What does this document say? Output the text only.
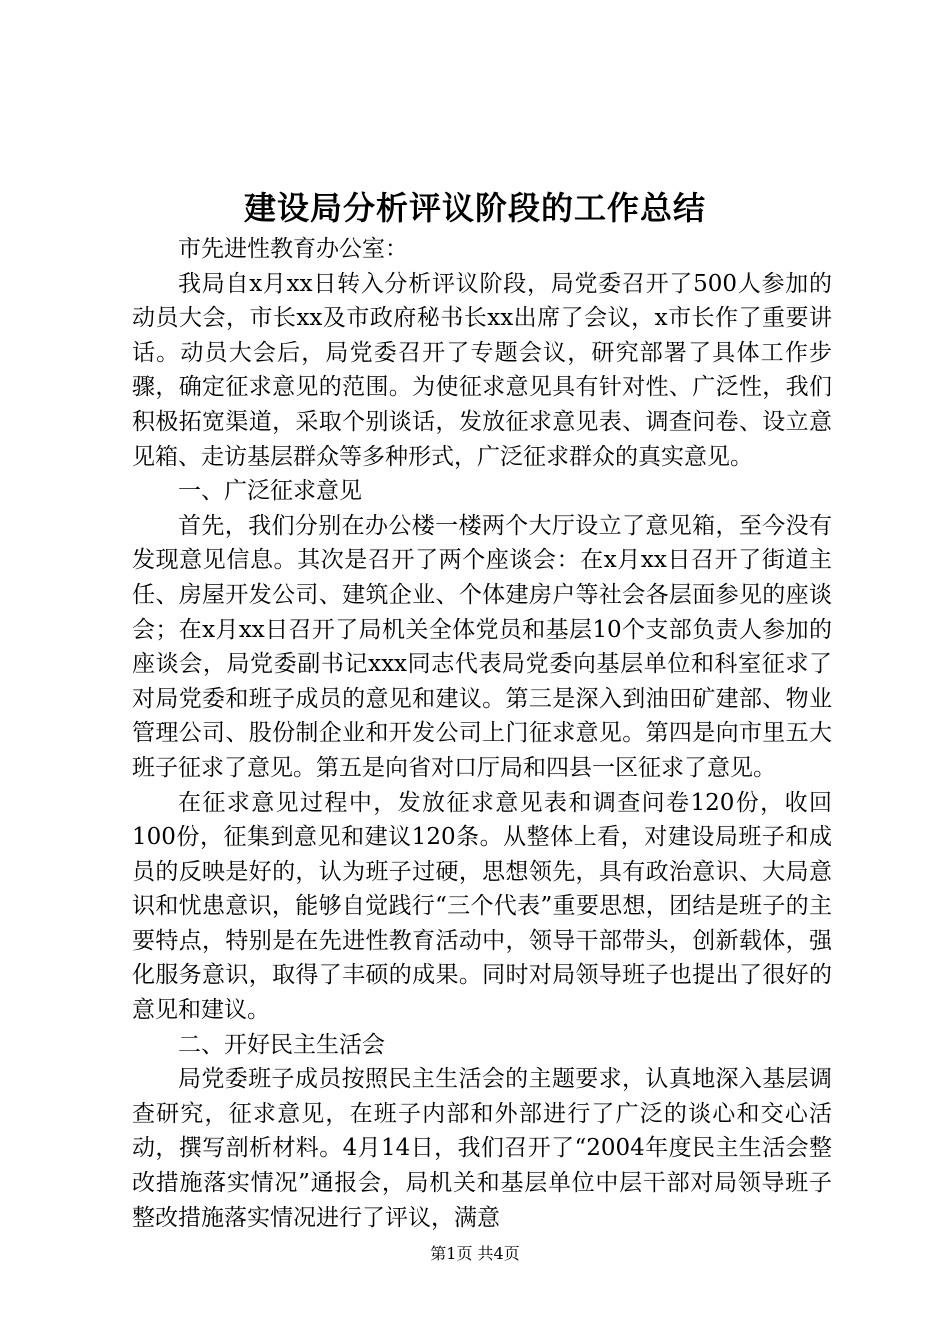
建设局分析评议阶段的工作总结

市先进性教育办公室：

我局自x月xx日转入分析评议阶段，局党委召开了500人参加的动员大会，市长xx及市政府秘书长xx出席了会议，x市长作了重要讲话。动员大会后，局党委召开了专题会议，研究部署了具体工作步骤，确定征求意见的范围。为使征求意见具有针对性、广泛性，我们积极拓宽渠道，采取个别谈话，发放征求意见表、调查问卷、设立意见箱、走访基层群众等多种形式，广泛征求群众的真实意见。

一、广泛征求意见

首先，我们分别在办公楼一楼两个大厅设立了意见箱，至今没有发现意见信息。其次是召开了两个座谈会：在x月xx日召开了街道主任、房屋开发公司、建筑企业、个体建房户等社会各层面参见的座谈会；在x月xx日召开了局机关全体党员和基层10个支部负责人参加的座谈会，局党委副书记xxx同志代表局党委向基层单位和科室征求了对局党委和班子成员的意见和建议。第三是深入到油田矿建部、物业管理公司、股份制企业和开发公司上门征求意见。第四是向市里五大班子征求了意见。第五是向省对口厅局和四县一区征求了意见。

在征求意见过程中，发放征求意见表和调查问卷120份，收回100份，征集到意见和建议120条。从整体上看，对建设局班子和成员的反映是好的，认为班子过硬，思想领先，具有政治意识、大局意识和忧患意识，能够自觉践行“三个代表”重要思想，团结是班子的主要特点，特别是在先进性教育活动中，领导干部带头，创新载体，强化服务意识，取得了丰硕的成果。同时对局领导班子也提出了很好的意见和建议。

二、开好民主生活会

局党委班子成员按照民主生活会的主题要求，认真地深入基层调查研究，征求意见，在班子内部和外部进行了广泛的谈心和交心活动，撰写剖析材料。4月14日，我们召开了“2004年度民主生活会整改措施落实情况”通报会，局机关和基层单位中层干部对局领导班子整改措施落实情况进行了评议，满意

第1页 共4页
